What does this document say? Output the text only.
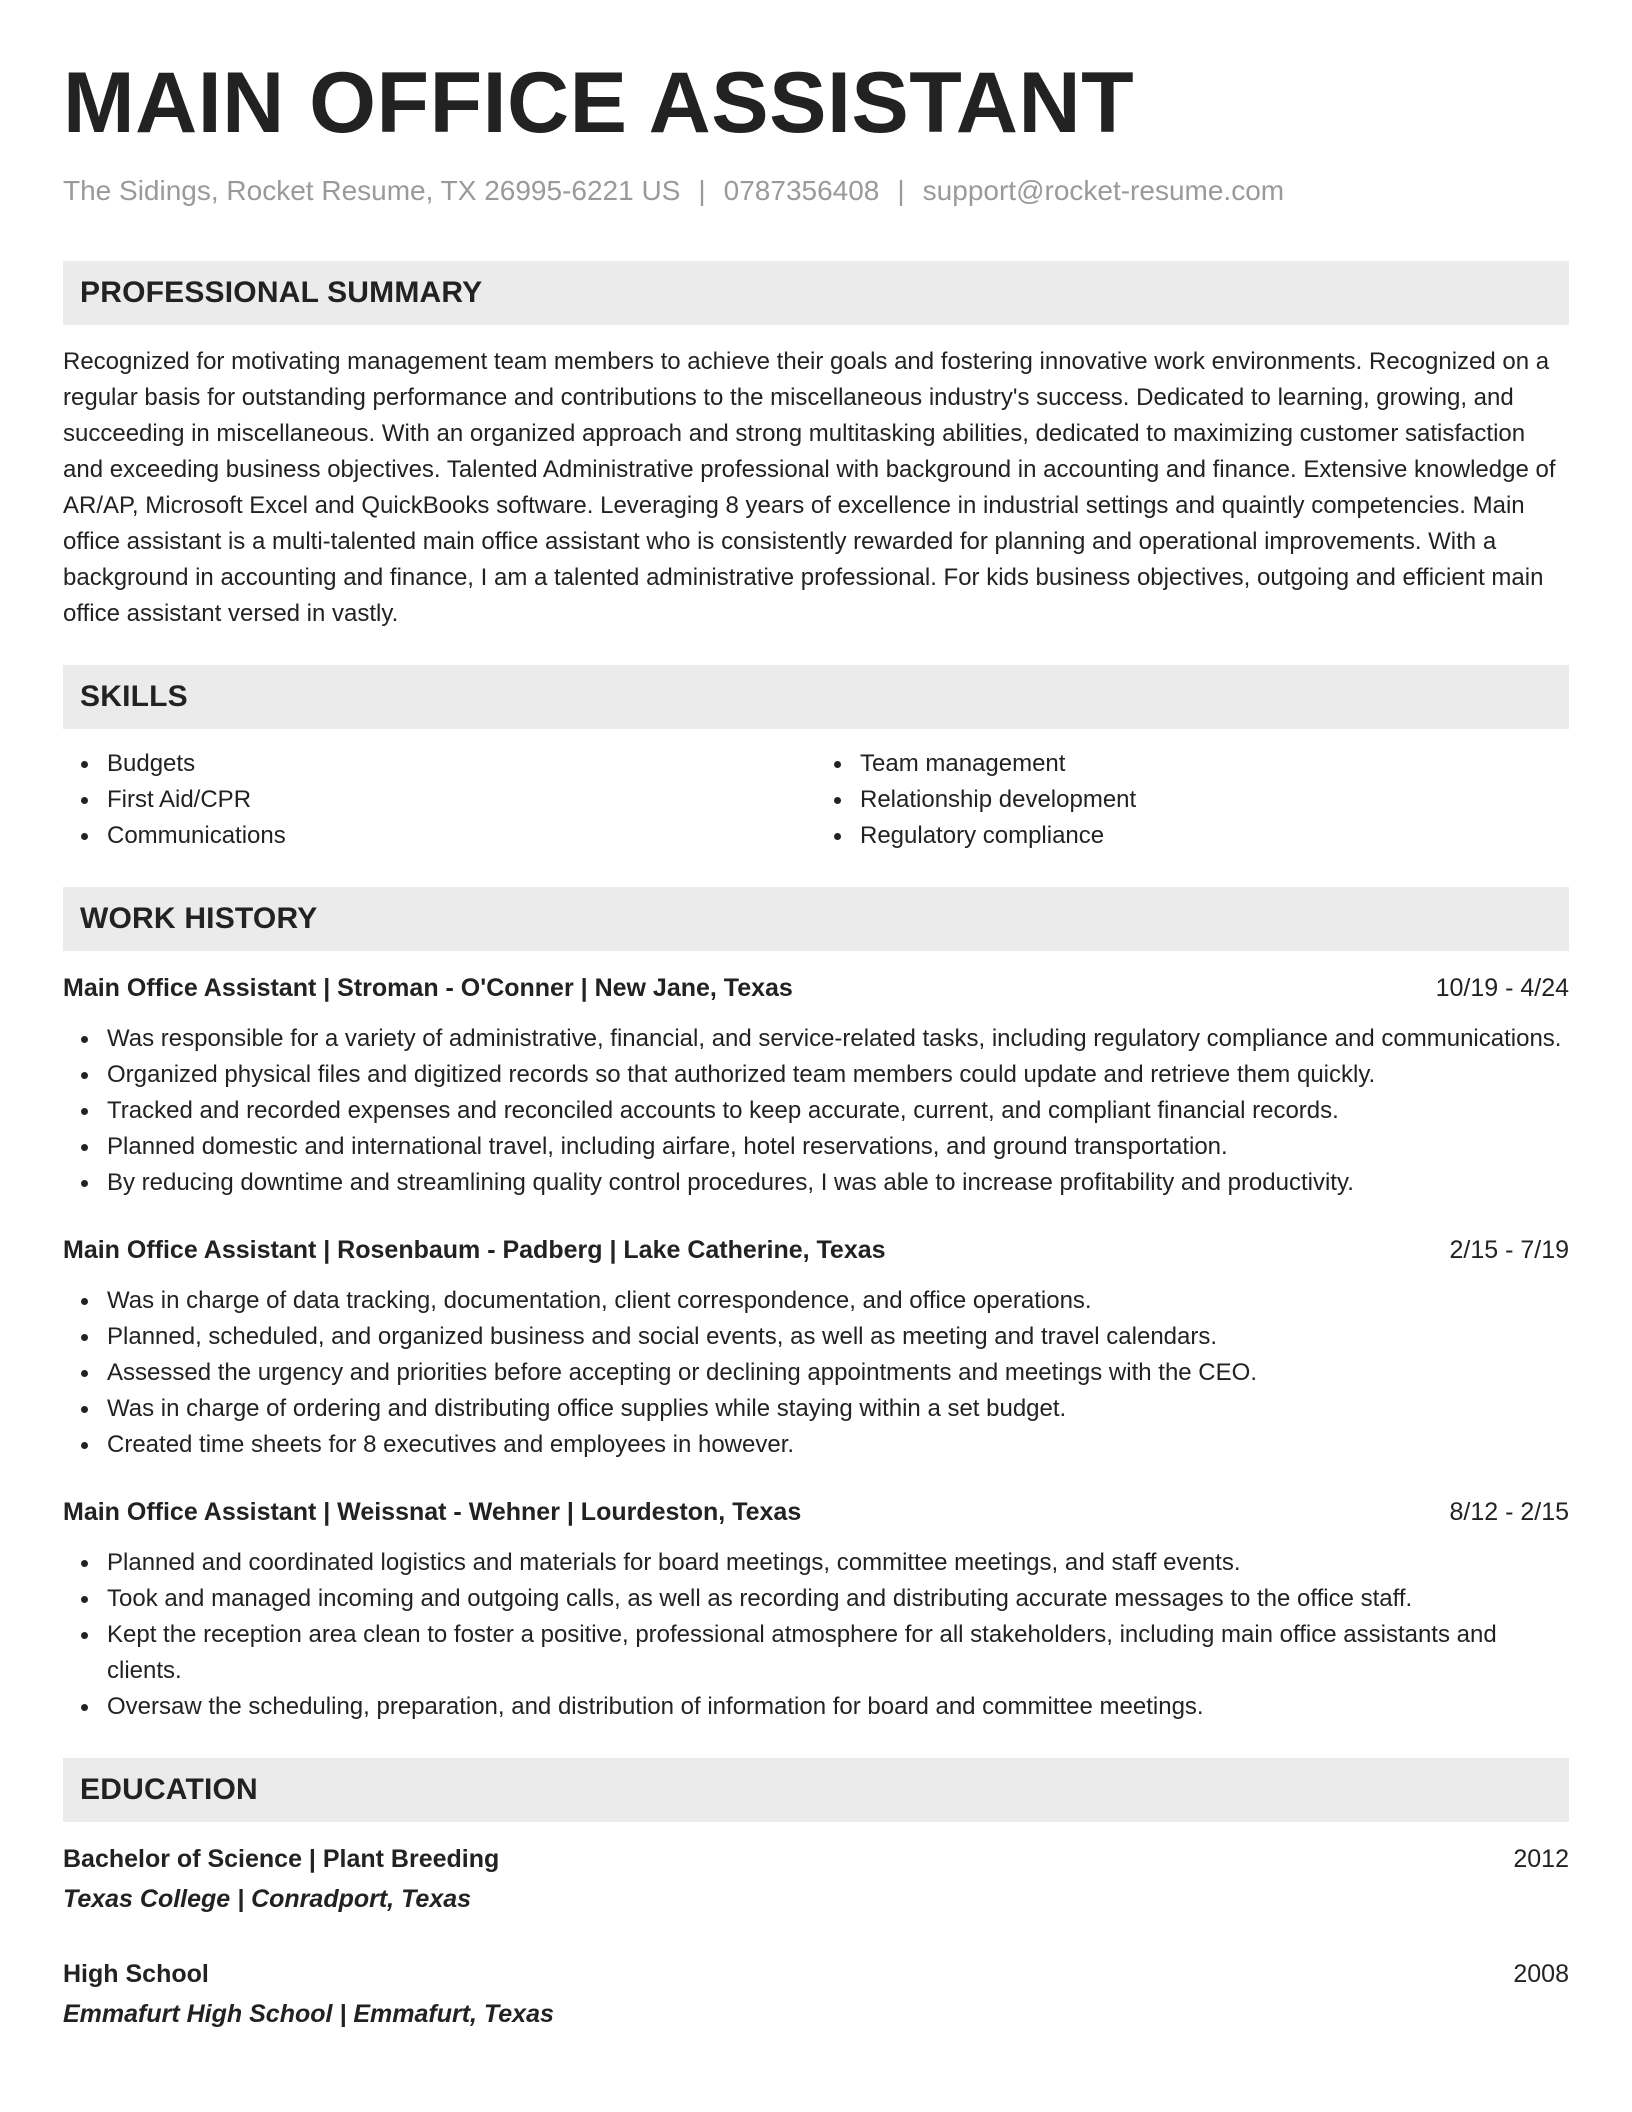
MAIN OFFICE ASSISTANT
The Sidings, Rocket Resume, TX 26995-6221 US | 0787356408 | support@rocket-resume.com
PROFESSIONAL SUMMARY
Recognized for motivating management team members to achieve their goals and fostering innovative work environments. Recognized on a regular basis for outstanding performance and contributions to the miscellaneous industry's success. Dedicated to learning, growing, and succeeding in miscellaneous. With an organized approach and strong multitasking abilities, dedicated to maximizing customer satisfaction and exceeding business objectives. Talented Administrative professional with background in accounting and finance. Extensive knowledge of AR/AP, Microsoft Excel and QuickBooks software. Leveraging 8 years of excellence in industrial settings and quaintly competencies. Main office assistant is a multi-talented main office assistant who is consistently rewarded for planning and operational improvements. With a background in accounting and finance, I am a talented administrative professional. For kids business objectives, outgoing and efficient main office assistant versed in vastly.
SKILLS
Budgets
First Aid/CPR
Communications
Team management
Relationship development
Regulatory compliance
WORK HISTORY
Main Office Assistant | Stroman - O'Conner | New Jane, Texas	10/19 - 4/24
Was responsible for a variety of administrative, financial, and service-related tasks, including regulatory compliance and communications.
Organized physical files and digitized records so that authorized team members could update and retrieve them quickly.
Tracked and recorded expenses and reconciled accounts to keep accurate, current, and compliant financial records.
Planned domestic and international travel, including airfare, hotel reservations, and ground transportation.
By reducing downtime and streamlining quality control procedures, I was able to increase profitability and productivity.
Main Office Assistant | Rosenbaum - Padberg | Lake Catherine, Texas	2/15 - 7/19
Was in charge of data tracking, documentation, client correspondence, and office operations.
Planned, scheduled, and organized business and social events, as well as meeting and travel calendars.
Assessed the urgency and priorities before accepting or declining appointments and meetings with the CEO.
Was in charge of ordering and distributing office supplies while staying within a set budget.
Created time sheets for 8 executives and employees in however.
Main Office Assistant | Weissnat - Wehner | Lourdeston, Texas	8/12 - 2/15
Planned and coordinated logistics and materials for board meetings, committee meetings, and staff events.
Took and managed incoming and outgoing calls, as well as recording and distributing accurate messages to the office staff.
Kept the reception area clean to foster a positive, professional atmosphere for all stakeholders, including main office assistants and clients.
Oversaw the scheduling, preparation, and distribution of information for board and committee meetings.
EDUCATION
Bachelor of Science | Plant Breeding	2012
Texas College | Conradport, Texas
High School	2008
Emmafurt High School | Emmafurt, Texas
